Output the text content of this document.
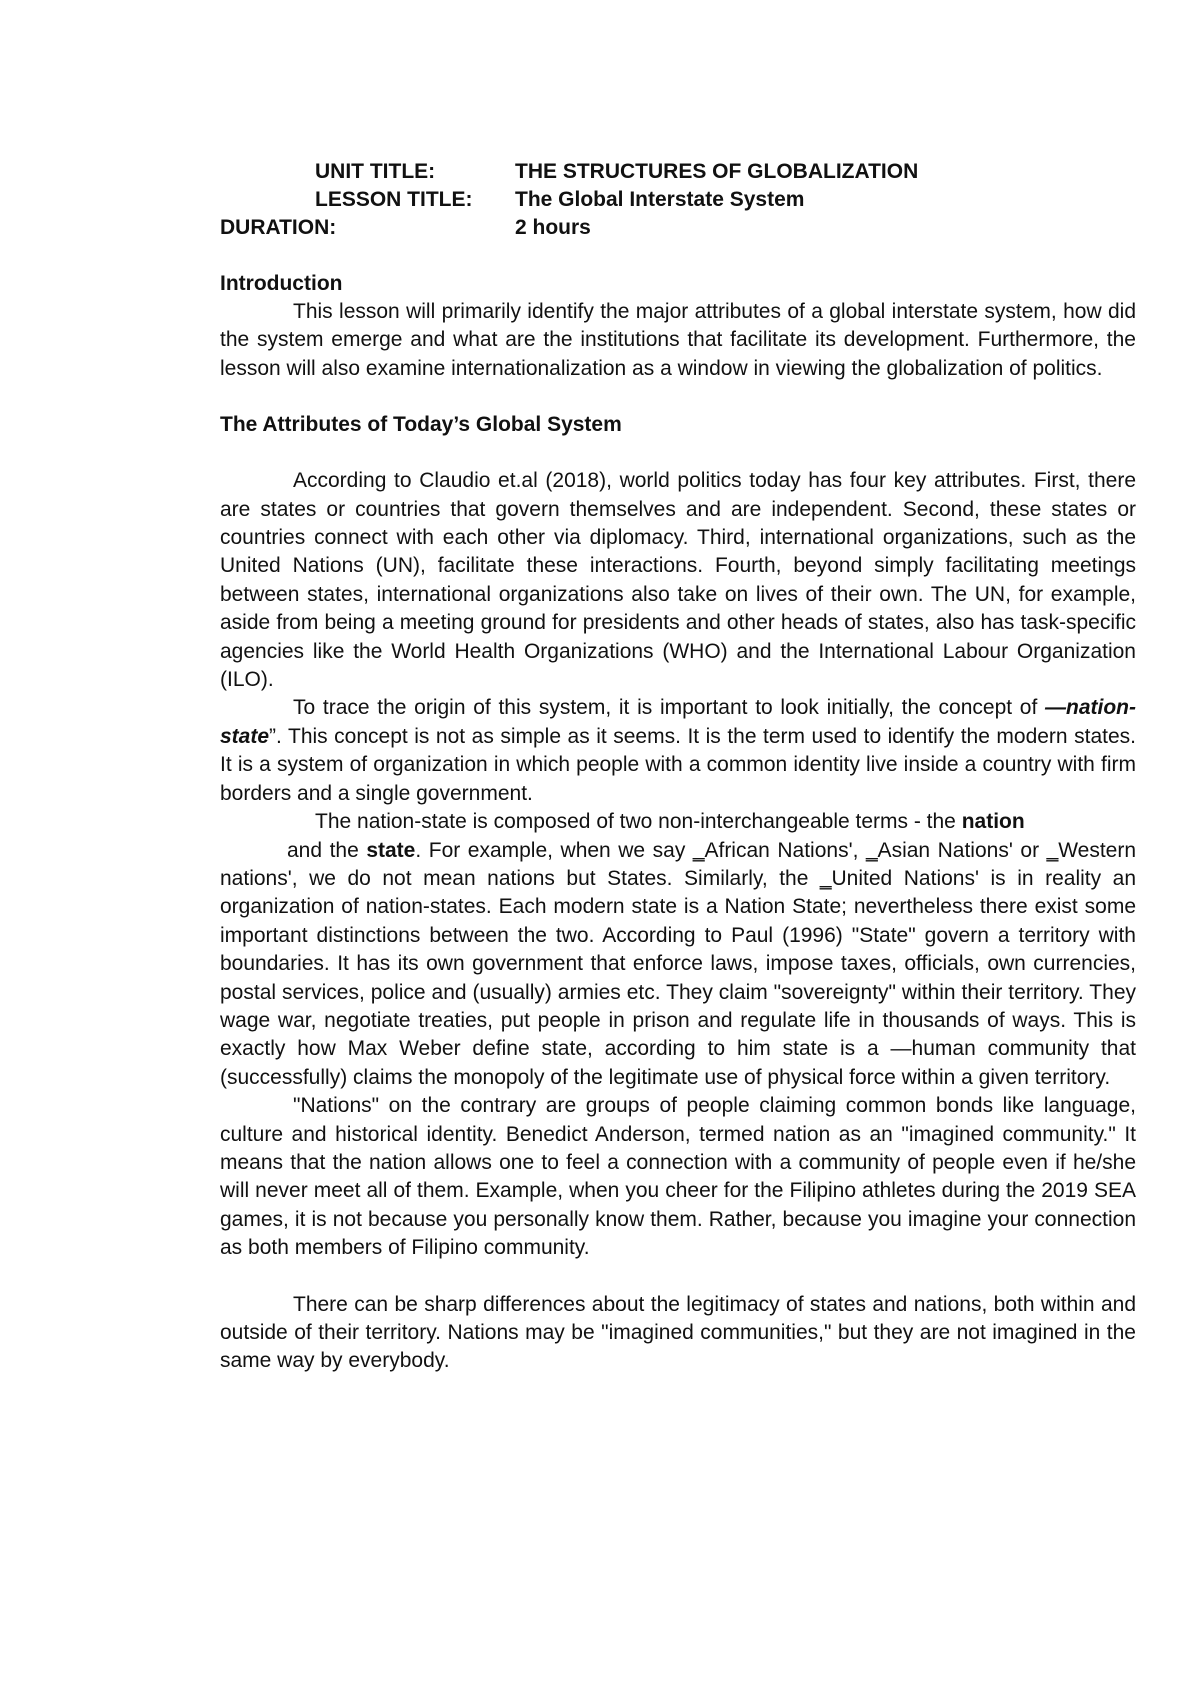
UNIT TITLE:	THE STRUCTURES OF GLOBALIZATION
LESSON TITLE:	The Global Interstate System
DURATION:	2 hours
Introduction

This lesson will primarily identify the major attributes of a global interstate system, how did the system emerge and what are the institutions that facilitate its development. Furthermore, the lesson will also examine internationalization as a window in viewing the globalization of politics.

The Attributes of Today’s Global System

According to Claudio et.al (2018), world politics today has four key attributes. First, there are states or countries that govern themselves and are independent. Second, these states or countries connect with each other via diplomacy. Third, international organizations, such as the United Nations (UN), facilitate these interactions. Fourth, beyond simply facilitating meetings between states, international organizations also take on lives of their own. The UN, for example, aside from being a meeting ground for presidents and other heads of states, also has task-specific agencies like the World Health Organizations (WHO) and the International Labour Organization (ILO).

To trace the origin of this system, it is important to look initially, the concept of ―nation-state”. This concept is not as simple as it seems. It is the term used to identify the modern states. It is a system of organization in which people with a common identity live inside a country with firm borders and a single government.

The nation-state is composed of two non-interchangeable terms - the nation
and the state. For example, when we say ‗African Nations', ‗Asian Nations' or ‗Western nations', we do not mean nations but States. Similarly, the ‗United Nations' is in reality an organization of nation-states. Each modern state is a Nation State; nevertheless there exist some important distinctions between the two. According to Paul (1996) "State" govern a territory with boundaries. It has its own government that enforce laws, impose taxes, officials, own currencies, postal services, police and (usually) armies etc. They claim "sovereignty" within their territory. They wage war, negotiate treaties, put people in prison and regulate life in thousands of ways. This is exactly how Max Weber define state, according to him state is a ―human community that (successfully) claims the monopoly of the legitimate use of physical force within a given territory.

"Nations" on the contrary are groups of people claiming common bonds like language, culture and historical identity. Benedict Anderson, termed nation as an "imagined community." It means that the nation allows one to feel a connection with a community of people even if he/she will never meet all of them. Example, when you cheer for the Filipino athletes during the 2019 SEA games, it is not because you personally know them. Rather, because you imagine your connection as both members of Filipino community.

There can be sharp differences about the legitimacy of states and nations, both within and outside of their territory. Nations may be "imagined communities," but they are not imagined in the same way by everybody.
